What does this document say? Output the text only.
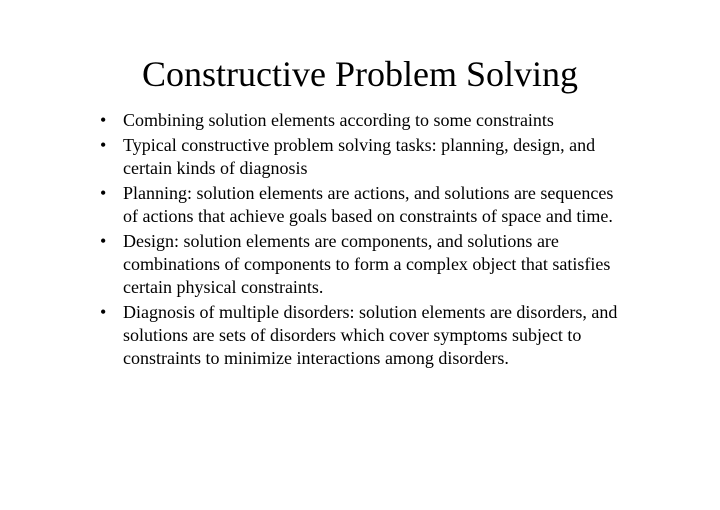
Constructive Problem Solving
• Combining solution elements according to some constraints
• Typical constructive problem solving tasks: planning, design, and certain kinds of diagnosis
• Planning: solution elements are actions, and solutions are sequences of actions that achieve goals based on constraints of space and time.
• Design: solution elements are components, and solutions are combinations of components to form a complex object that satisfies certain physical constraints.
• Diagnosis of multiple disorders: solution elements are disorders, and solutions are sets of disorders which cover symptoms subject to constraints to minimize interactions among disorders.
